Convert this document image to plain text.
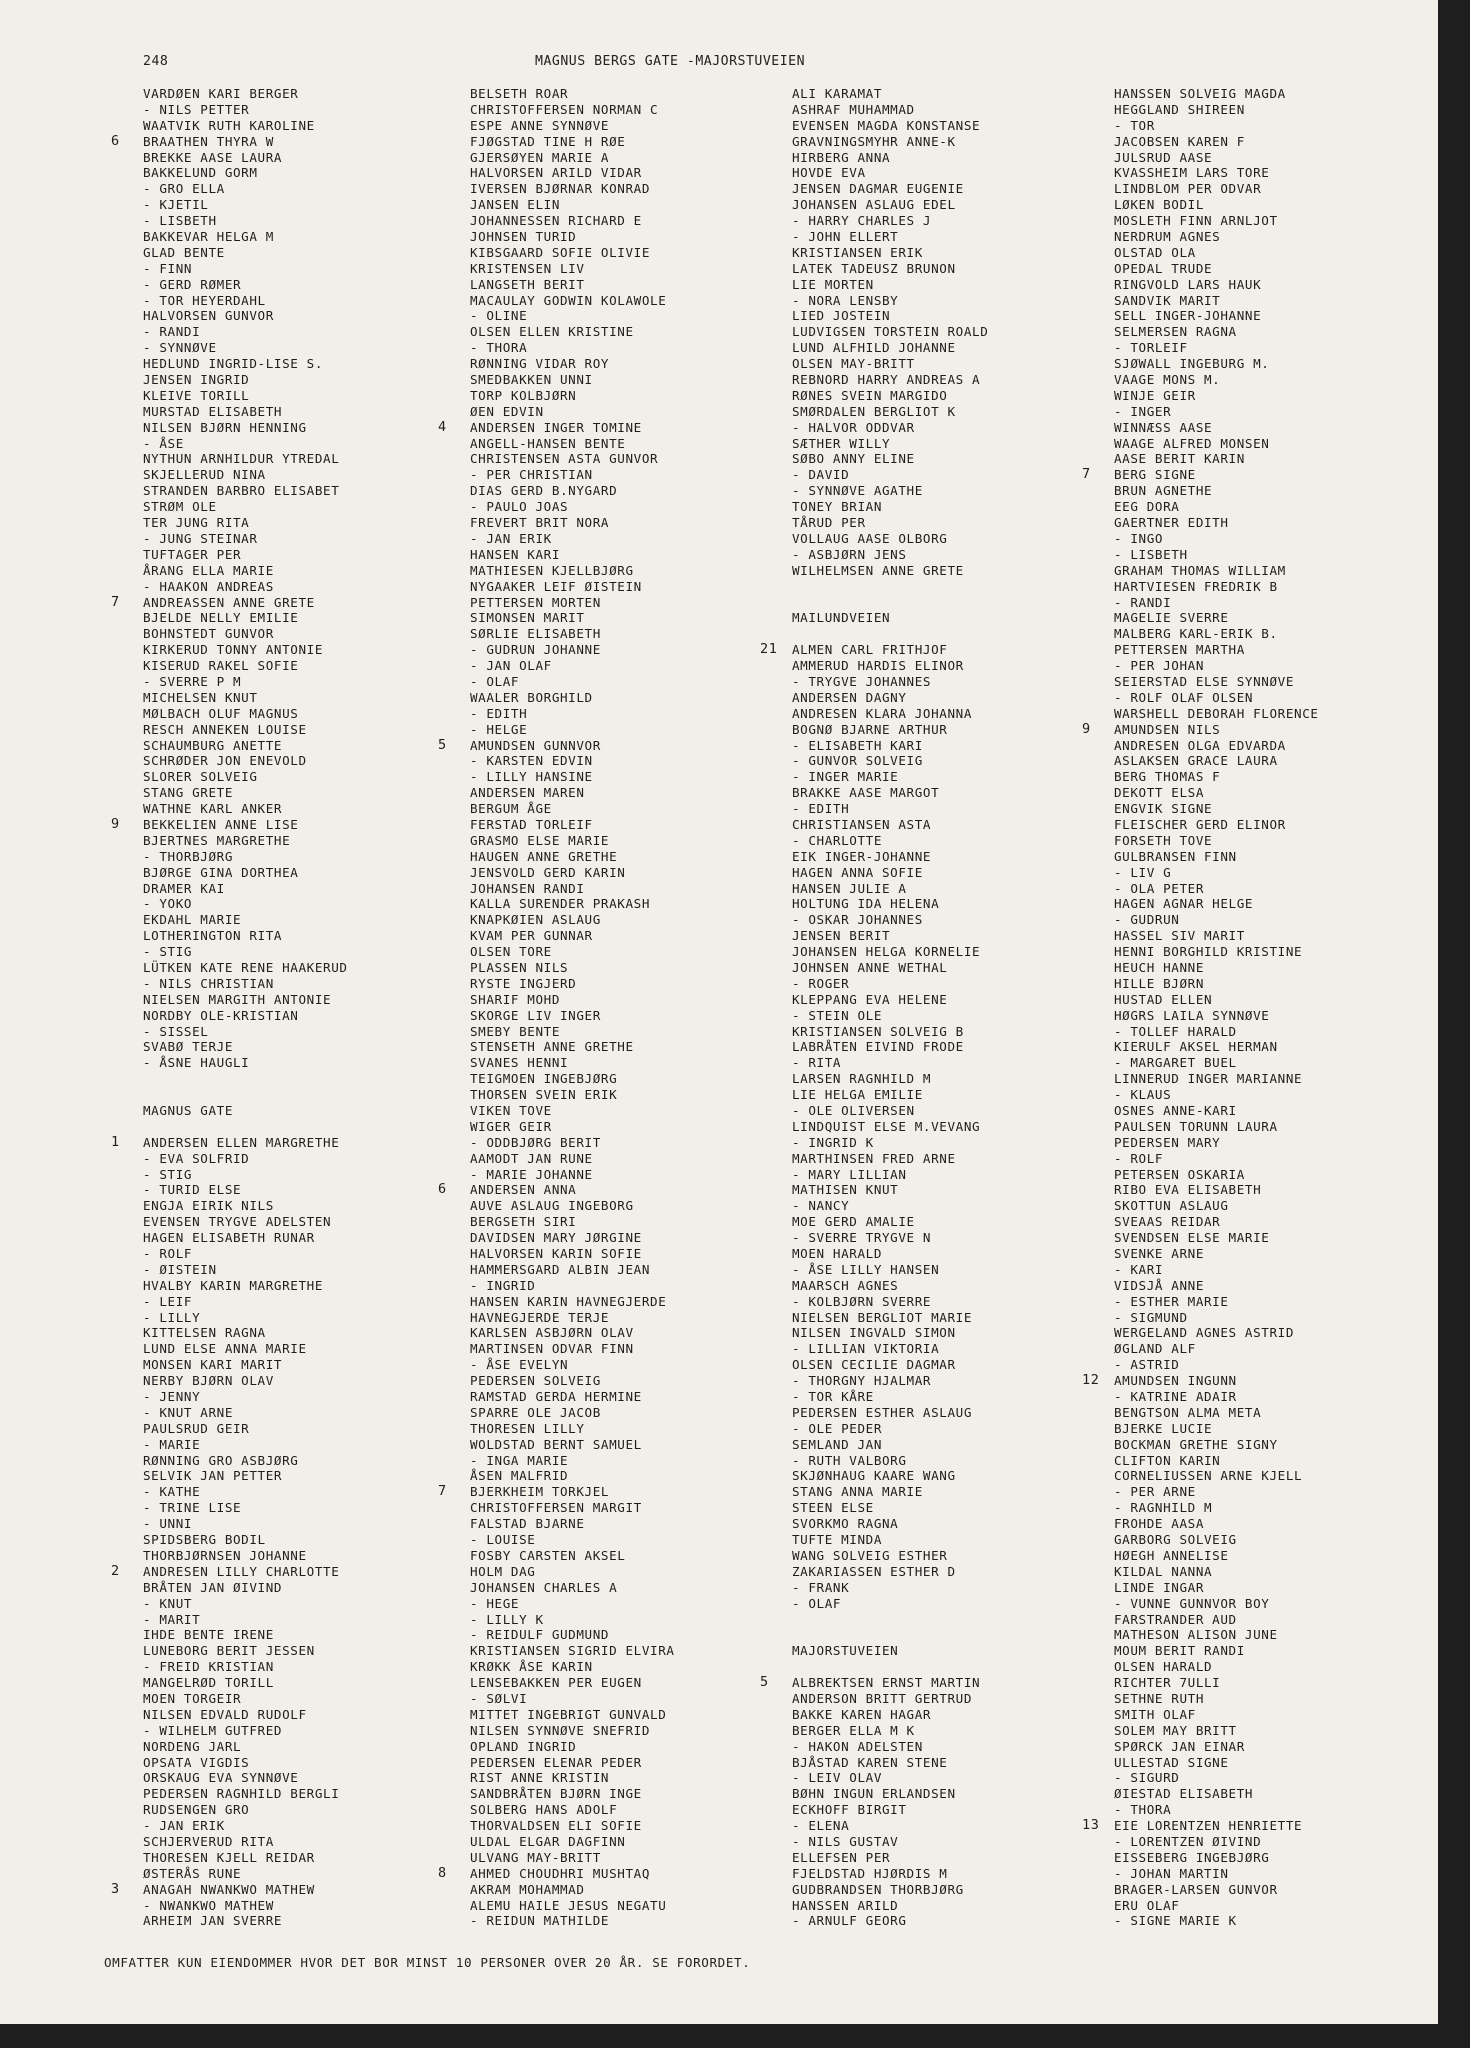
248	MAGNUS BERGS GATE -MAJORSTUVEIEN
VARDØEN KARI BERGER
- NILS PETTER
WAATVIK RUTH KAROLINE
BRAATHEN THYRA W
6
BREKKE AASE LAURA
BAKKELUND GORM
- GRO ELLA
- KJETIL
- LISBETH
BAKKEVAR HELGA M
GLAD BENTE
- FINN
- GERD RØMER
- TOR HEYERDAHL
HALVORSEN GUNVOR
- RANDI
- SYNNØVE
HEDLUND INGRID-LISE S.
JENSEN INGRID
KLEIVE TORILL
MURSTAD ELISABETH
NILSEN BJØRN HENNING
- ÅSE
NYTHUN ARNHILDUR YTREDAL
SKJELLERUD NINA
STRANDEN BARBRO ELISABET
STRØM OLE
TER JUNG RITA
- JUNG STEINAR
TUFTAGER PER
ÅRANG ELLA MARIE
- HAAKON ANDREAS
ANDREASSEN ANNE GRETE
7
BJELDE NELLY EMILIE
BOHNSTEDT GUNVOR
KIRKERUD TONNY ANTONIE
KISERUD RAKEL SOFIE
- SVERRE P M
MICHELSEN KNUT
MØLBACH OLUF MAGNUS
RESCH ANNEKEN LOUISE
SCHAUMBURG ANETTE
SCHRØDER JON ENEVOLD
SLORER SOLVEIG
STANG GRETE
WATHNE KARL ANKER
BEKKELIEN ANNE LISE
9
BJERTNES MARGRETHE
- THORBJØRG
BJØRGE GINA DORTHEA
DRAMER KAI
- YOKO
EKDAHL MARIE
LOTHERINGTON RITA
- STIG
LÜTKEN KATE RENE HAAKERUD
- NILS CHRISTIAN
NIELSEN MARGITH ANTONIE
NORDBY OLE-KRISTIAN
- SISSEL
SVABØ TERJE
- ÅSNE HAUGLI
MAGNUS GATE
ANDERSEN ELLEN MARGRETHE
1
- EVA SOLFRID
- STIG
- TURID ELSE
ENGJA EIRIK NILS
EVENSEN TRYGVE ADELSTEN
HAGEN ELISABETH RUNAR
- ROLF
- ØISTEIN
HVALBY KARIN MARGRETHE
- LEIF
- LILLY
KITTELSEN RAGNA
LUND ELSE ANNA MARIE
MONSEN KARI MARIT
NERBY BJØRN OLAV
- JENNY
- KNUT ARNE
PAULSRUD GEIR
- MARIE
RØNNING GRO ASBJØRG
SELVIK JAN PETTER
- KATHE
- TRINE LISE
- UNNI
SPIDSBERG BODIL
THORBJØRNSEN JOHANNE
ANDRESEN LILLY CHARLOTTE
2
BRÅTEN JAN ØIVIND
- KNUT
- MARIT
IHDE BENTE IRENE
LUNEBORG BERIT JESSEN
- FREID KRISTIAN
MANGELRØD TORILL
MOEN TORGEIR
NILSEN EDVALD RUDOLF
- WILHELM GUTFRED
NORDENG JARL
OPSATA VIGDIS
ORSKAUG EVA SYNNØVE
PEDERSEN RAGNHILD BERGLI
RUDSENGEN GRO
- JAN ERIK
SCHJERVERUD RITA
THORESEN KJELL REIDAR
ØSTERÅS RUNE
ANAGAH NWANKWO MATHEW
3
- NWANKWO MATHEW
ARHEIM JAN SVERRE
BELSETH ROAR
CHRISTOFFERSEN NORMAN C
ESPE ANNE SYNNØVE
FJØGSTAD TINE H RØE
GJERSØYEN MARIE A
HALVORSEN ARILD VIDAR
IVERSEN BJØRNAR KONRAD
JANSEN ELIN
JOHANNESSEN RICHARD E
JOHNSEN TURID
KIBSGAARD SOFIE OLIVIE
KRISTENSEN LIV
LANGSETH BERIT
MACAULAY GODWIN KOLAWOLE
- OLINE
OLSEN ELLEN KRISTINE
- THORA
RØNNING VIDAR ROY
SMEDBAKKEN UNNI
TORP KOLBJØRN
ØEN EDVIN
ANDERSEN INGER TOMINE
4
ANGELL-HANSEN BENTE
CHRISTENSEN ASTA GUNVOR
- PER CHRISTIAN
DIAS GERD B.NYGARD
- PAULO JOAS
FREVERT BRIT NORA
- JAN ERIK
HANSEN KARI
MATHIESEN KJELLBJØRG
NYGAAKER LEIF ØISTEIN
PETTERSEN MORTEN
SIMONSEN MARIT
SØRLIE ELISABETH
- GUDRUN JOHANNE
- JAN OLAF
- OLAF
WAALER BORGHILD
- EDITH
- HELGE
AMUNDSEN GUNNVOR
5
- KARSTEN EDVIN
- LILLY HANSINE
ANDERSEN MAREN
BERGUM ÅGE
FERSTAD TORLEIF
GRASMO ELSE MARIE
HAUGEN ANNE GRETHE
JENSVOLD GERD KARIN
JOHANSEN RANDI
KALLA SURENDER PRAKASH
KNAPKØIEN ASLAUG
KVAM PER GUNNAR
OLSEN TORE
PLASSEN NILS
RYSTE INGJERD
SHARIF MOHD
SKORGE LIV INGER
SMEBY BENTE
STENSETH ANNE GRETHE
SVANES HENNI
TEIGMOEN INGEBJØRG
THORSEN SVEIN ERIK
VIKEN TOVE
WIGER GEIR
- ODDBJØRG BERIT
AAMODT JAN RUNE
- MARIE JOHANNE
ANDERSEN ANNA
6
AUVE ASLAUG INGEBORG
BERGSETH SIRI
DAVIDSEN MARY JØRGINE
HALVORSEN KARIN SOFIE
HAMMERSGARD ALBIN JEAN
- INGRID
HANSEN KARIN HAVNEGJERDE
HAVNEGJERDE TERJE
KARLSEN ASBJØRN OLAV
MARTINSEN ODVAR FINN
- ÅSE EVELYN
PEDERSEN SOLVEIG
RAMSTAD GERDA HERMINE
SPARRE OLE JACOB
THORESEN LILLY
WOLDSTAD BERNT SAMUEL
- INGA MARIE
ÅSEN MALFRID
BJERKHEIM TORKJEL
7
CHRISTOFFERSEN MARGIT
FALSTAD BJARNE
- LOUISE
FOSBY CARSTEN AKSEL
HOLM DAG
JOHANSEN CHARLES A
- HEGE
- LILLY K
- REIDULF GUDMUND
KRISTIANSEN SIGRID ELVIRA
KRØKK ÅSE KARIN
LENSEBAKKEN PER EUGEN
- SØLVI
MITTET INGEBRIGT GUNVALD
NILSEN SYNNØVE SNEFRID
OPLAND INGRID
PEDERSEN ELENAR PEDER
RIST ANNE KRISTIN
SANDBRÅTEN BJØRN INGE
SOLBERG HANS ADOLF
THORVALDSEN ELI SOFIE
ULDAL ELGAR DAGFINN
ULVANG MAY-BRITT
AHMED CHOUDHRI MUSHTAQ
8
AKRAM MOHAMMAD
ALEMU HAILE JESUS NEGATU
- REIDUN MATHILDE
ALI KARAMAT
ASHRAF MUHAMMAD
EVENSEN MAGDA KONSTANSE
GRAVNINGSMYHR ANNE-K
HIRBERG ANNA
HOVDE EVA
JENSEN DAGMAR EUGENIE
JOHANSEN ASLAUG EDEL
- HARRY CHARLES J
- JOHN ELLERT
KRISTIANSEN ERIK
LATEK TADEUSZ BRUNON
LIE MORTEN
- NORA LENSBY
LIED JOSTEIN
LUDVIGSEN TORSTEIN ROALD
LUND ALFHILD JOHANNE
OLSEN MAY-BRITT
REBNORD HARRY ANDREAS A
RØNES SVEIN MARGIDO
SMØRDALEN BERGLIOT K
- HALVOR ODDVAR
SÆTHER WILLY
SØBO ANNY ELINE
- DAVID
- SYNNØVE AGATHE
TONEY BRIAN
TÅRUD PER
VOLLAUG AASE OLBORG
- ASBJØRN JENS
WILHELMSEN ANNE GRETE
MAILUNDVEIEN
ALMEN CARL FRITHJOF
21
AMMERUD HARDIS ELINOR
- TRYGVE JOHANNES
ANDERSEN DAGNY
ANDRESEN KLARA JOHANNA
BOGNØ BJARNE ARTHUR
- ELISABETH KARI
- GUNVOR SOLVEIG
- INGER MARIE
BRAKKE AASE MARGOT
- EDITH
CHRISTIANSEN ASTA
- CHARLOTTE
EIK INGER-JOHANNE
HAGEN ANNA SOFIE
HANSEN JULIE A
HOLTUNG IDA HELENA
- OSKAR JOHANNES
JENSEN BERIT
JOHANSEN HELGA KORNELIE
JOHNSEN ANNE WETHAL
- ROGER
KLEPPANG EVA HELENE
- STEIN OLE
KRISTIANSEN SOLVEIG B
LABRÅTEN EIVIND FRODE
- RITA
LARSEN RAGNHILD M
LIE HELGA EMILIE
- OLE OLIVERSEN
LINDQUIST ELSE M.VEVANG
- INGRID K
MARTHINSEN FRED ARNE
- MARY LILLIAN
MATHISEN KNUT
- NANCY
MOE GERD AMALIE
- SVERRE TRYGVE N
MOEN HARALD
- ÅSE LILLY HANSEN
MAARSCH AGNES
- KOLBJØRN SVERRE
NIELSEN BERGLIOT MARIE
NILSEN INGVALD SIMON
- LILLIAN VIKTORIA
OLSEN CECILIE DAGMAR
- THORGNY HJALMAR
- TOR KÅRE
PEDERSEN ESTHER ASLAUG
- OLE PEDER
SEMLAND JAN
- RUTH VALBORG
SKJØNHAUG KAARE WANG
STANG ANNA MARIE
STEEN ELSE
SVORKMO RAGNA
TUFTE MINDA
WANG SOLVEIG ESTHER
ZAKARIASSEN ESTHER D
- FRANK
- OLAF
MAJORSTUVEIEN
ALBREKTSEN ERNST MARTIN
5
ANDERSON BRITT GERTRUD
BAKKE KAREN HAGAR
BERGER ELLA M K
- HAKON ADELSTEN
BJÅSTAD KAREN STENE
- LEIV OLAV
BØHN INGUN ERLANDSEN
ECKHOFF BIRGIT
- ELENA
- NILS GUSTAV
ELLEFSEN PER
FJELDSTAD HJØRDIS M
GUDBRANDSEN THORBJØRG
HANSSEN ARILD
- ARNULF GEORG
HANSSEN SOLVEIG MAGDA
HEGGLAND SHIREEN
- TOR
JACOBSEN KAREN F
JULSRUD AASE
KVASSHEIM LARS TORE
LINDBLOM PER ODVAR
LØKEN BODIL
MOSLETH FINN ARNLJOT
NERDRUM AGNES
OLSTAD OLA
OPEDAL TRUDE
RINGVOLD LARS HAUK
SANDVIK MARIT
SELL INGER-JOHANNE
SELMERSEN RAGNA
- TORLEIF
SJØWALL INGEBURG M.
VAAGE MONS M.
WINJE GEIR
- INGER
WINNÆSS AASE
WAAGE ALFRED MONSEN
AASE BERIT KARIN
BERG SIGNE
7
BRUN AGNETHE
EEG DORA
GAERTNER EDITH
- INGO
- LISBETH
GRAHAM THOMAS WILLIAM
HARTVIESEN FREDRIK B
- RANDI
MAGELIE SVERRE
MALBERG KARL-ERIK B.
PETTERSEN MARTHA
- PER JOHAN
SEIERSTAD ELSE SYNNØVE
- ROLF OLAF OLSEN
WARSHELL DEBORAH FLORENCE
AMUNDSEN NILS
9
ANDRESEN OLGA EDVARDA
ASLAKSEN GRACE LAURA
BERG THOMAS F
DEKOTT ELSA
ENGVIK SIGNE
FLEISCHER GERD ELINOR
FORSETH TOVE
GULBRANSEN FINN
- LIV G
- OLA PETER
HAGEN AGNAR HELGE
- GUDRUN
HASSEL SIV MARIT
HENNI BORGHILD KRISTINE
HEUCH HANNE
HILLE BJØRN
HUSTAD ELLEN
HØGRS LAILA SYNNØVE
- TOLLEF HARALD
KIERULF AKSEL HERMAN
- MARGARET BUEL
LINNERUD INGER MARIANNE
- KLAUS
OSNES ANNE-KARI
PAULSEN TORUNN LAURA
PEDERSEN MARY
- ROLF
PETERSEN OSKARIA
RIBO EVA ELISABETH
SKOTTUN ASLAUG
SVEAAS REIDAR
SVENDSEN ELSE MARIE
SVENKE ARNE
- KARI
VIDSJÅ ANNE
- ESTHER MARIE
- SIGMUND
WERGELAND AGNES ASTRID
ØGLAND ALF
- ASTRID
AMUNDSEN INGUNN
12
- KATRINE ADAIR
BENGTSON ALMA META
BJERKE LUCIE
BOCKMAN GRETHE SIGNY
CLIFTON KARIN
CORNELIUSSEN ARNE KJELL
- PER ARNE
- RAGNHILD M
FROHDE AASA
GARBORG SOLVEIG
HØEGH ANNELISE
KILDAL NANNA
LINDE INGAR
- VUNNE GUNNVOR BOY
FARSTRANDER AUD
MATHESON ALISON JUNE
MOUM BERIT RANDI
OLSEN HARALD
RICHTER 7ULLI
SETHNE RUTH
SMITH OLAF
SOLEM MAY BRITT
SPØRCK JAN EINAR
ULLESTAD SIGNE
- SIGURD
ØIESTAD ELISABETH
- THORA
EIE LORENTZEN HENRIETTE
13
- LORENTZEN ØIVIND
EISSEBERG INGEBJØRG
- JOHAN MARTIN
BRAGER-LARSEN GUNVOR
ERU OLAF
- SIGNE MARIE K
OMFATTER KUN EIENDOMMER HVOR DET BOR MINST 10 PERSONER OVER 20 ÅR. SE FORORDET.
